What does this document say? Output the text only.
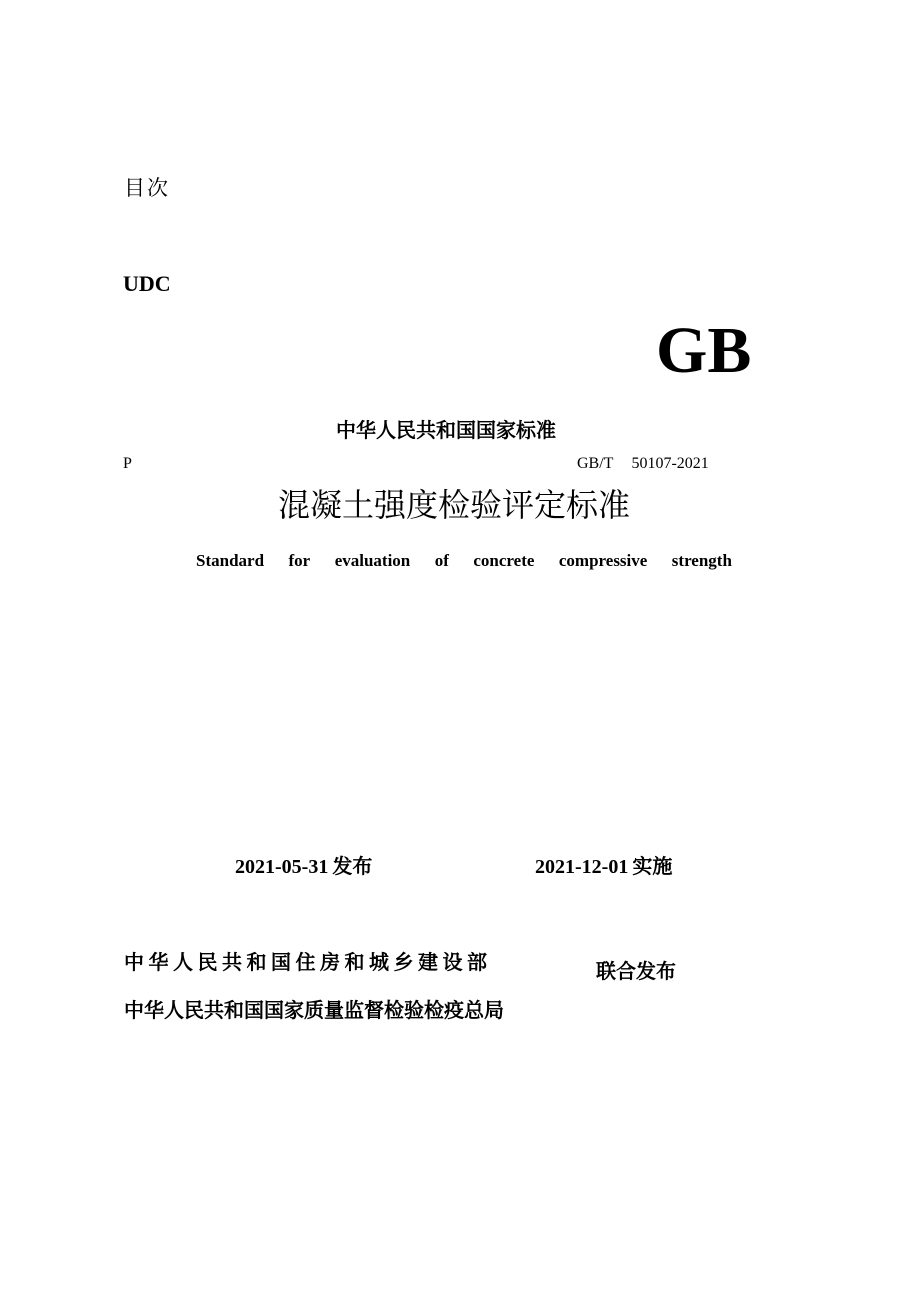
目次
UDC
GB
中华人民共和国国家标准
P	GB/T 50107-2021
混凝土强度检验评定标准
Standard for evaluation of concrete compressive strength
2021-05-31 发布	2021-12-01 实施
中华人民共和国住房和城乡建设部
中华人民共和国国家质量监督检验检疫总局
联合发布
